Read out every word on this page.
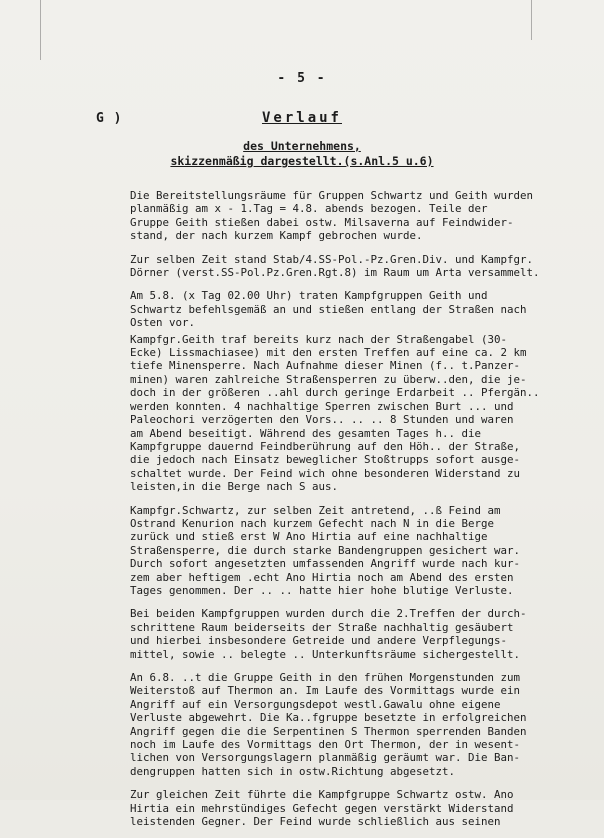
- 5 -
G )	Verlauf
des Unternehmens,
skizzenmäßig dargestellt.(s.Anl.5 u.6)
Die Bereitstellungsräume für Gruppen Schwartz und Geith wurden
planmäßig am x - 1.Tag = 4.8. abends bezogen. Teile der
Gruppe Geith stießen dabei ostw. Milsaverna auf Feindwider-
stand, der nach kurzem Kampf gebrochen wurde.
Zur selben Zeit stand Stab/4.SS-Pol.-Pz.Gren.Div. und Kampfgr.
Dörner (verst.SS-Pol.Pz.Gren.Rgt.8) im Raum um Arta versammelt.
Am 5.8. (x Tag 02.00 Uhr) traten Kampfgruppen Geith und
Schwartz befehlsgemäß an und stießen entlang der Straßen nach
Osten vor.
Kampfgr.Geith traf bereits kurz nach der Straßengabel (30-
Ecke) Lissmachiasee) mit den ersten Treffen auf eine ca. 2 km
tiefe Minensperre. Nach Aufnahme dieser Minen (f.. t.Panzer-
minen) waren zahlreiche Straßensperren zu überw..den, die je-
doch in der größeren ..ahl durch geringe Erdarbeit .. Pfergän..
werden konnten. 4 nachhaltige Sperren zwischen Burt ... und
Paleochori verzögerten den Vors.. .. .. 8 Stunden und waren
am Abend beseitigt. Während des gesamten Tages h.. die
Kampfgruppe dauernd Feindberührung auf den Höh.. der Straße,
die jedoch nach Einsatz beweglicher Stoßtrupps sofort ausge-
schaltet wurde. Der Feind wich ohne besonderen Widerstand zu
leisten,in die Berge nach S aus.
Kampfgr.Schwartz, zur selben Zeit antretend, ..ß Feind am
Ostrand Kenurion nach kurzem Gefecht nach N in die Berge
zurück und stieß erst W Ano Hirtia auf eine nachhaltige
Straßensperre, die durch starke Bandengruppen gesichert war.
Durch sofort angesetzten umfassenden Angriff wurde nach kur-
zem aber heftigem .echt Ano Hirtia noch am Abend des ersten
Tages genommen. Der .. .. hatte hier hohe blutige Verluste.
Bei beiden Kampfgruppen wurden durch die 2.Treffen der durch-
schrittene Raum beiderseits der Straße nachhaltig gesäubert
und hierbei insbesondere Getreide und andere Verpflegungs-
mittel, sowie .. belegte .. Unterkunftsräume sichergestellt.
An 6.8. ..t die Gruppe Geith in den frühen Morgenstunden zum
Weiterstoß auf Thermon an. Im Laufe des Vormittags wurde ein
Angriff auf ein Versorgungsdepot westl.Gawalu ohne eigene
Verluste abgewehrt. Die Ka..fgruppe besetzte in erfolgreichen
Angriff gegen die die Serpentinen S Thermon sperrenden Banden
noch im Laufe des Vormittags den Ort Thermon, der in wesent-
lichen von Versorgungslagern planmäßig geräumt war. Die Ban-
dengruppen hatten sich in ostw.Richtung abgesetzt.
Zur gleichen Zeit führte die Kampfgruppe Schwartz ostw. Ano
Hirtia ein mehrstündiges Gefecht gegen verstärkt Widerstand
leistenden Gegner. Der Feind wurde schließlich aus seinen
